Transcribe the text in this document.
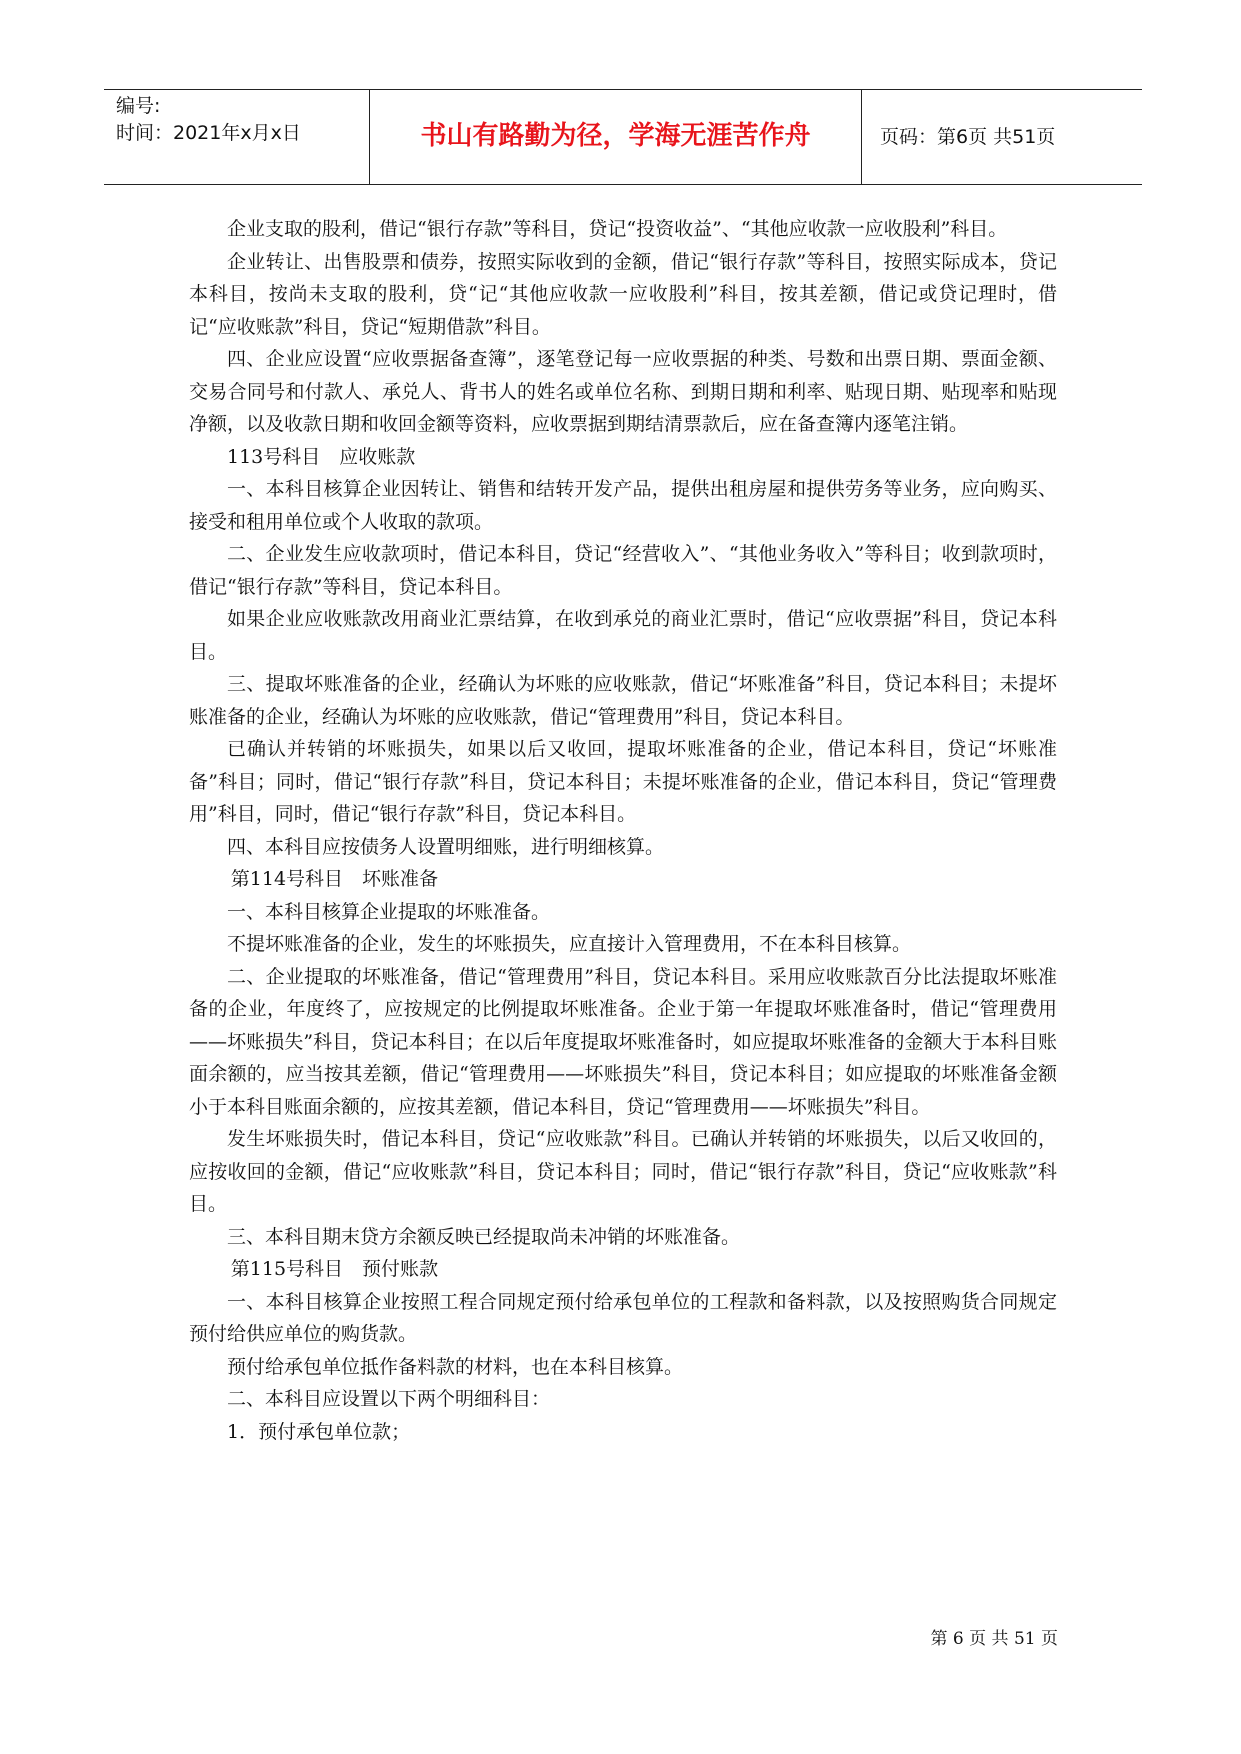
编号:
时间：2021年x月x日	书山有路勤为径，学海无涯苦作舟	页码：第6页 共51页

企业支取的股利，借记“银行存款”等科目，贷记“投资收益”、“其他应收款一应收股利”科目。

企业转让、出售股票和债券，按照实际收到的金额，借记“银行存款”等科目，按照实际成本，贷记本科目，按尚未支取的股利，贷“记“其他应收款一应收股利”科目，按其差额，借记或贷记理时，借记“应收账款”科目，贷记“短期借款”科目。

四、企业应设置“应收票据备查簿”，逐笔登记每一应收票据的种类、号数和出票日期、票面金额、交易合同号和付款人、承兑人、背书人的姓名或单位名称、到期日期和利率、贴现日期、贴现率和贴现净额，以及收款日期和收回金额等资料，应收票据到期结清票款后，应在备查簿内逐笔注销。

113号科目　应收账款

一、本科目核算企业因转让、销售和结转开发产品，提供出租房屋和提供劳务等业务，应向购买、接受和租用单位或个人收取的款项。

二、企业发生应收款项时，借记本科目，贷记“经营收入”、“其他业务收入”等科目；收到款项时，借记“银行存款”等科目，贷记本科目。

如果企业应收账款改用商业汇票结算，在收到承兑的商业汇票时，借记“应收票据”科目，贷记本科目。

三、提取坏账准备的企业，经确认为坏账的应收账款，借记“坏账准备”科目，贷记本科目；未提坏账准备的企业，经确认为坏账的应收账款，借记“管理费用”科目，贷记本科目。

已确认并转销的坏账损失，如果以后又收回，提取坏账准备的企业，借记本科目，贷记“坏账准备”科目；同时，借记“银行存款”科目，贷记本科目；未提坏账准备的企业，借记本科目，贷记“管理费用”科目，同时，借记“银行存款”科目，贷记本科目。

四、本科目应按债务人设置明细账，进行明细核算。

第114号科目　坏账准备

一、本科目核算企业提取的坏账准备。

不提坏账准备的企业，发生的坏账损失，应直接计入管理费用，不在本科目核算。

二、企业提取的坏账准备，借记“管理费用”科目，贷记本科目。采用应收账款百分比法提取坏账准备的企业，年度终了，应按规定的比例提取坏账准备。企业于第一年提取坏账准备时，借记“管理费用——坏账损失”科目，贷记本科目；在以后年度提取坏账准备时，如应提取坏账准备的金额大于本科目账面余额的，应当按其差额，借记“管理费用——坏账损失”科目，贷记本科目；如应提取的坏账准备金额小于本科目账面余额的，应按其差额，借记本科目，贷记“管理费用——坏账损失”科目。

发生坏账损失时，借记本科目，贷记“应收账款”科目。已确认并转销的坏账损失，以后又收回的，应按收回的金额，借记“应收账款”科目，贷记本科目；同时，借记“银行存款”科目，贷记“应收账款”科目。

三、本科目期末贷方余额反映已经提取尚未冲销的坏账准备。

第115号科目　预付账款

一、本科目核算企业按照工程合同规定预付给承包单位的工程款和备料款，以及按照购货合同规定预付给供应单位的购货款。

预付给承包单位抵作备料款的材料，也在本科目核算。

二、本科目应设置以下两个明细科目：

1．预付承包单位款；

第 6 页 共 51 页
